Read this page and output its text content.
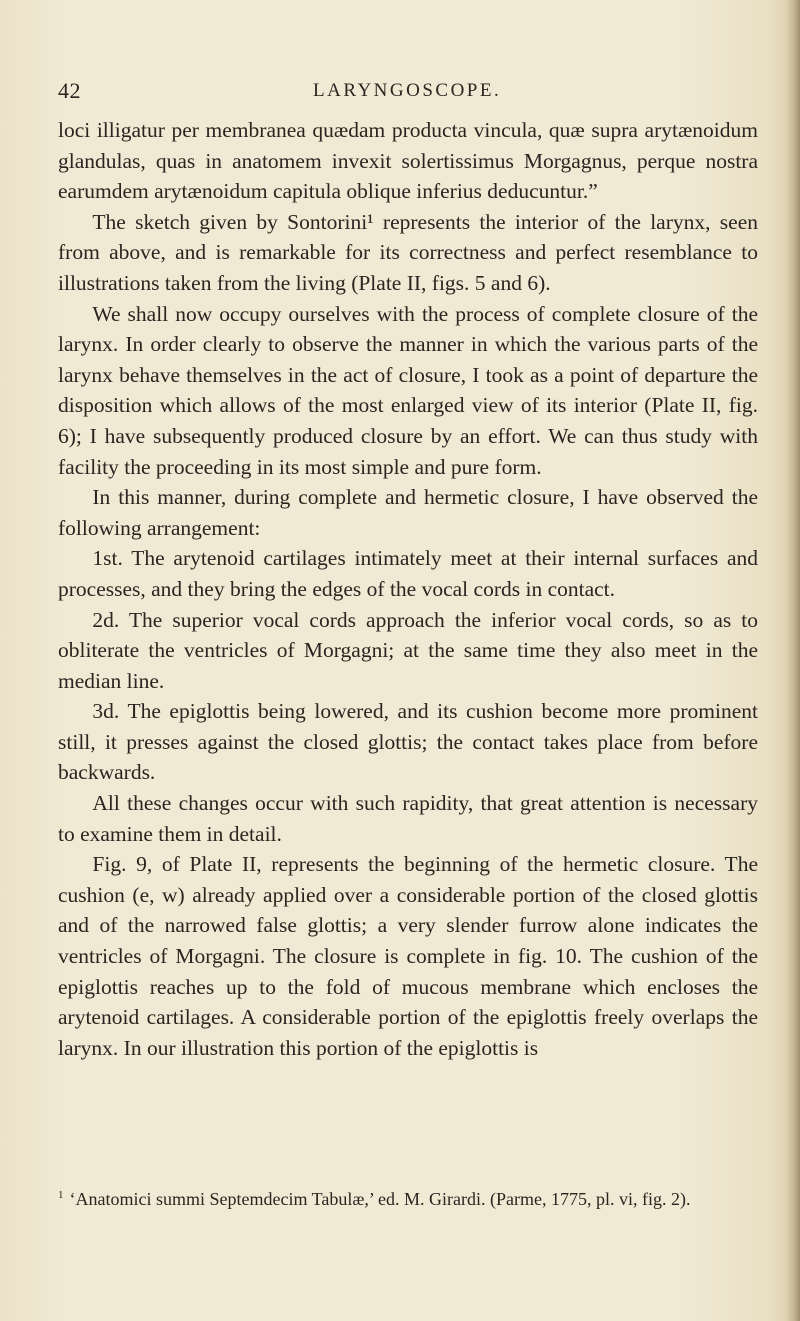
42	LARYNGOSCOPE.

loci illigatur per membranea quædam producta vincula, quæ supra arytænoidum glandulas, quas in anatomem invexit solertissimus Morgagnus, perque nostra earumdem arytænoidum capitula oblique inferius deducuntur.”

The sketch given by Sontorini¹ represents the interior of the larynx, seen from above, and is remarkable for its correctness and perfect resemblance to illustrations taken from the living (Plate II, figs. 5 and 6).

We shall now occupy ourselves with the process of complete closure of the larynx. In order clearly to observe the manner in which the various parts of the larynx behave themselves in the act of closure, I took as a point of departure the disposition which allows of the most enlarged view of its interior (Plate II, fig. 6); I have subsequently produced closure by an effort. We can thus study with facility the proceeding in its most simple and pure form.

In this manner, during complete and hermetic closure, I have observed the following arrangement:

1st. The arytenoid cartilages intimately meet at their internal surfaces and processes, and they bring the edges of the vocal cords in contact.

2d. The superior vocal cords approach the inferior vocal cords, so as to obliterate the ventricles of Morgagni; at the same time they also meet in the median line.

3d. The epiglottis being lowered, and its cushion become more prominent still, it presses against the closed glottis; the contact takes place from before backwards.

All these changes occur with such rapidity, that great attention is necessary to examine them in detail.

Fig. 9, of Plate II, represents the beginning of the hermetic closure. The cushion (e, w) already applied over a considerable portion of the closed glottis and of the narrowed false glottis; a very slender furrow alone indicates the ventricles of Morgagni. The closure is complete in fig. 10. The cushion of the epiglottis reaches up to the fold of mucous membrane which encloses the arytenoid cartilages. A considerable portion of the epiglottis freely overlaps the larynx. In our illustration this portion of the epiglottis is

$^1$ ‘Anatomici summi Septemdecim Tabulæ,’ ed. M. Girardi. (Parme, 1775, pl. vi, fig. 2).
